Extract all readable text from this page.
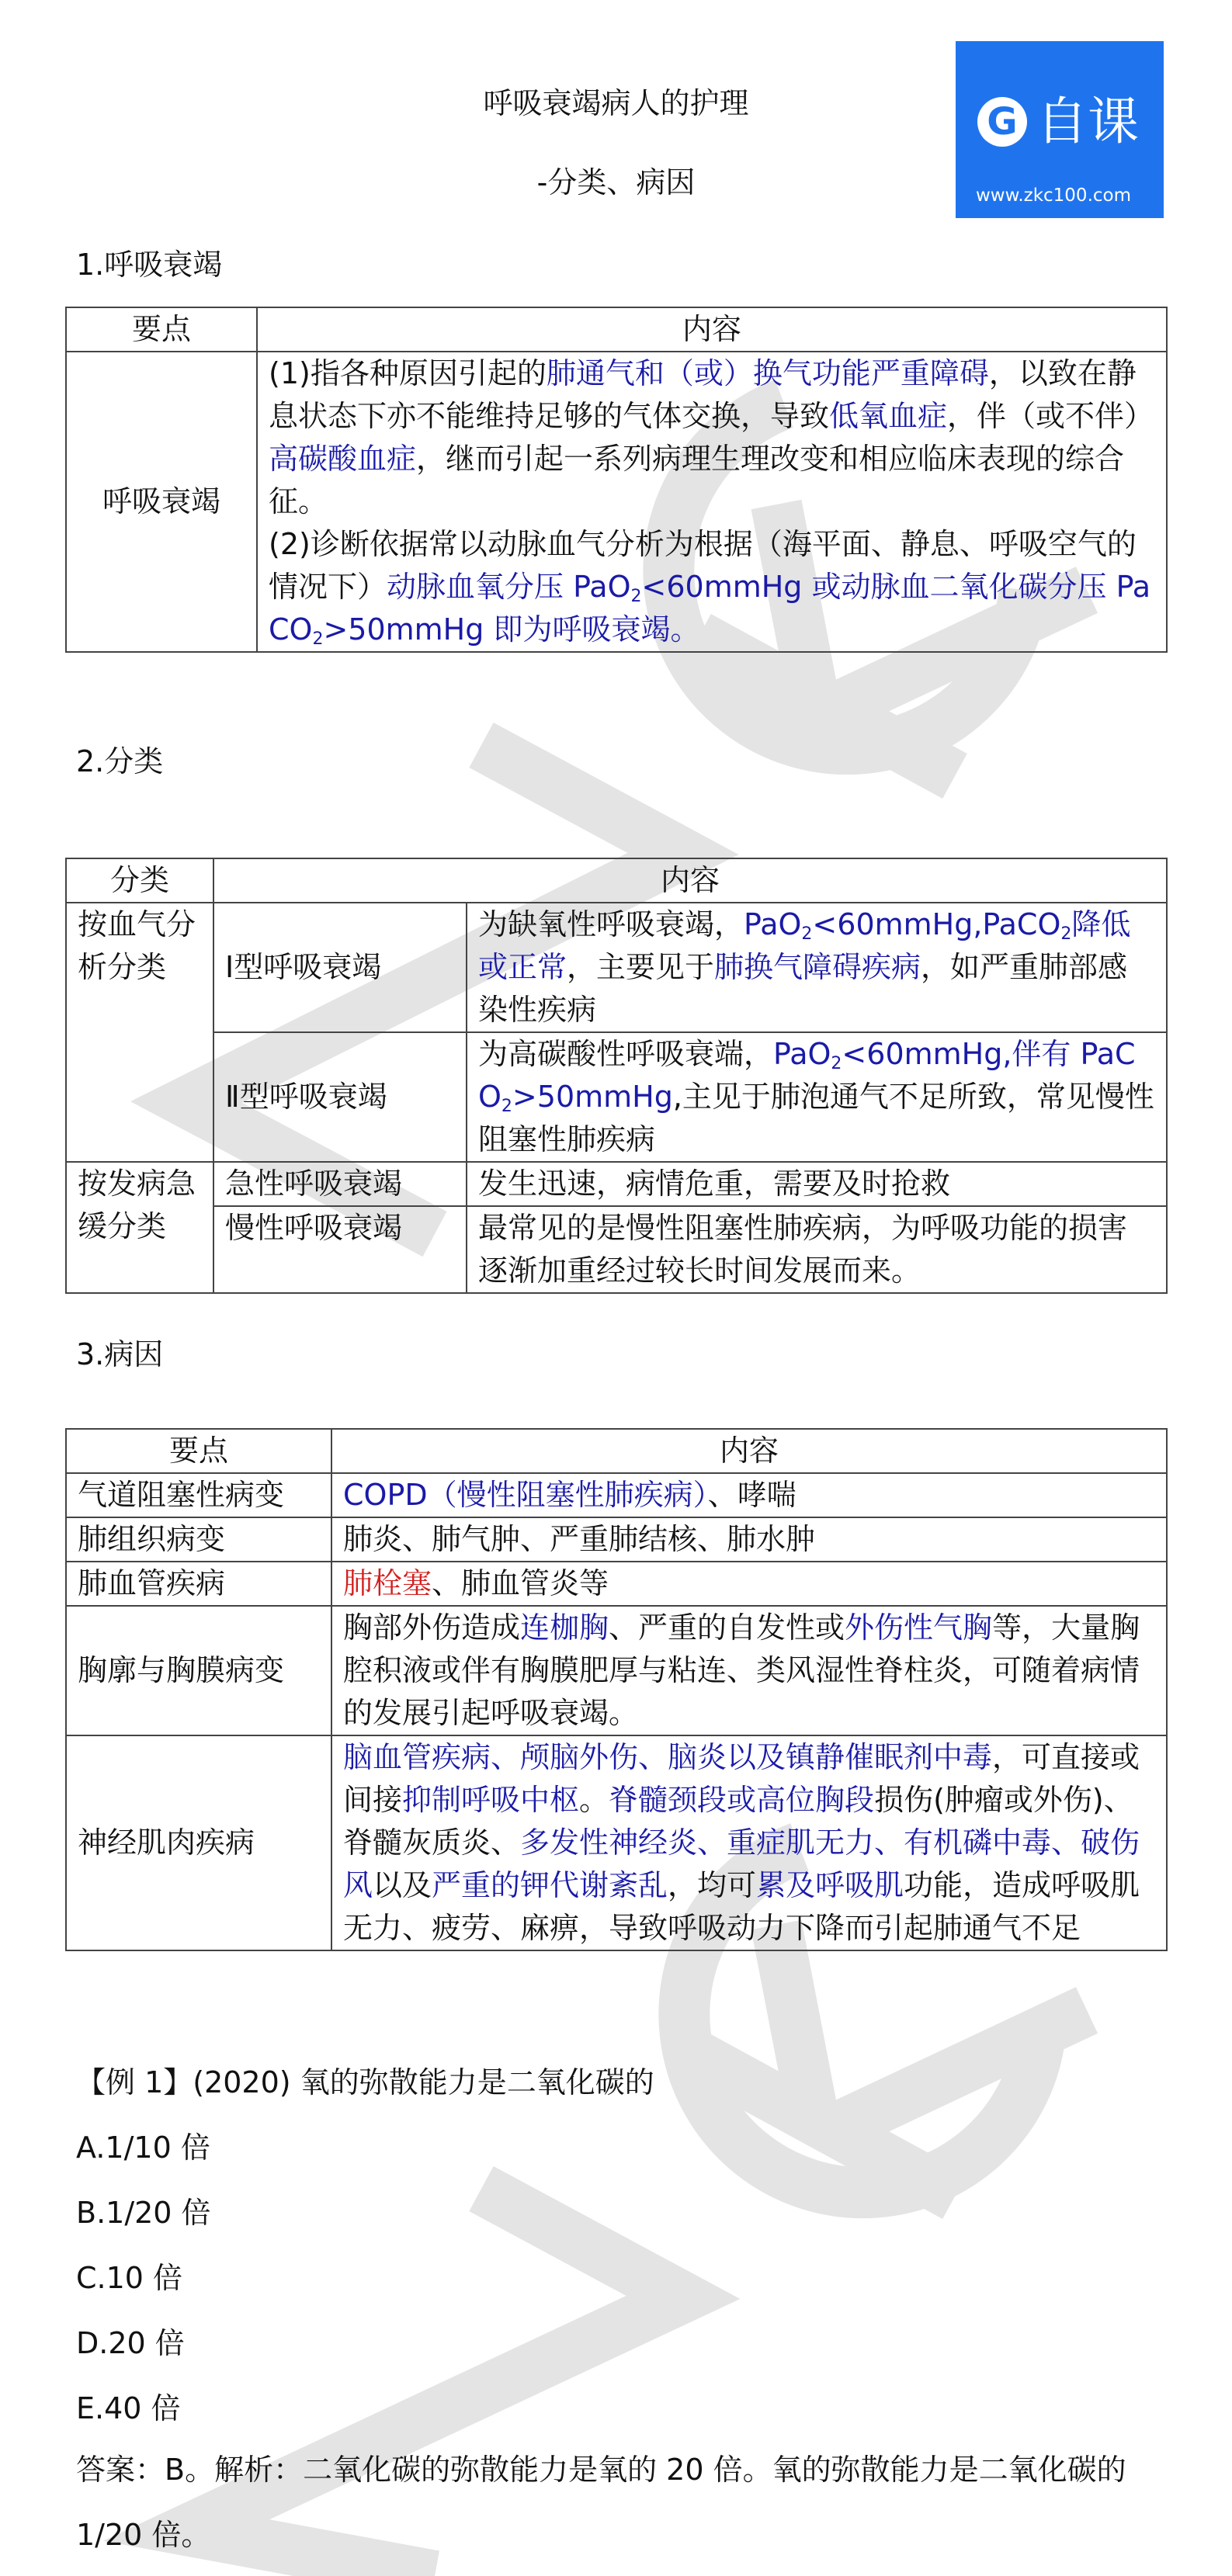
G 自课
www.zkc100.com
呼吸衰竭病人的护理
-分类、病因
1.呼吸衰竭
要点	内容
呼吸衰竭	(1)指各种原因引起的肺通气和（或）换气功能严重障碍，以致在静息状态下亦不能维持足够的气体交换，导致低氧血症，伴（或不伴）高碳酸血症，继而引起一系列病理生理改变和相应临床表现的综合征。
(2)诊断依据常以动脉血气分析为根据（海平面、静息、呼吸空气的情况下）动脉血氧分压 PaO$_2$<60mmHg 或动脉血二氧化碳分压 PaCO$_2$>50mmHg 即为呼吸衰竭。
2.分类
分类	内容	
按血气分析分类	Ⅰ型呼吸衰竭	为缺氧性呼吸衰竭，PaO$_2$<60mmHg,PaCO$_2$降低或正常，主要见于肺换气障碍疾病，如严重肺部感染性疾病
	Ⅱ型呼吸衰竭	为高碳酸性呼吸衰端，PaO$_2$<60mmHg,伴有 PaCO$_2$>50mmHg,主见于肺泡通气不足所致，常见慢性阻塞性肺疾病
按发病急缓分类	急性呼吸衰竭	发生迅速，病情危重，需要及时抢救
	慢性呼吸衰竭	最常见的是慢性阻塞性肺疾病，为呼吸功能的损害逐渐加重经过较长时间发展而来。
3.病因
要点	内容
气道阻塞性病变	COPD（慢性阻塞性肺疾病）、哮喘
肺组织病变	肺炎、肺气肿、严重肺结核、肺水肿
肺血管疾病	肺栓塞、肺血管炎等
胸廓与胸膜病变	胸部外伤造成连枷胸、严重的自发性或外伤性气胸等，大量胸腔积液或伴有胸膜肥厚与粘连、类风湿性脊柱炎，可随着病情的发展引起呼吸衰竭。
神经肌肉疾病	脑血管疾病、颅脑外伤、脑炎以及镇静催眠剂中毒，可直接或间接抑制呼吸中枢。脊髓颈段或高位胸段损伤(肿瘤或外伤)、脊髓灰质炎、多发性神经炎、重症肌无力、有机磷中毒、破伤风以及严重的钾代谢紊乱，均可累及呼吸肌功能，造成呼吸肌无力、疲劳、麻痹，导致呼吸动力下降而引起肺通气不足
【例 1】(2020) 氧的弥散能力是二氧化碳的
A.1/10 倍
B.1/20 倍
C.10 倍
D.20 倍
E.40 倍
答案：B。解析：二氧化碳的弥散能力是氧的 20 倍。氧的弥散能力是二氧化碳的 1/20 倍。
